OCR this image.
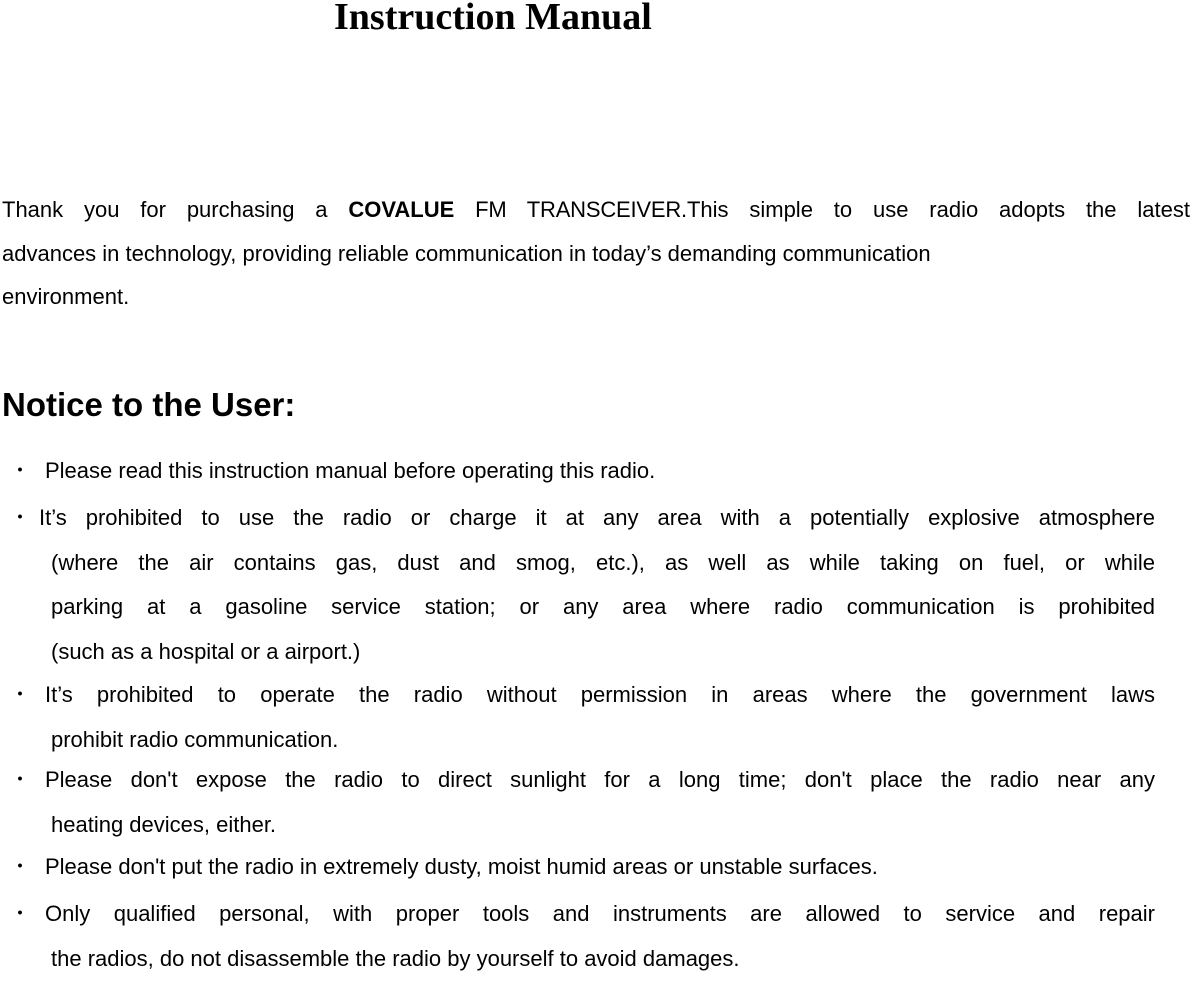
Instruction Manual
Thank you for purchasing a COVALUE FM TRANSCEIVER.This simple to use radio adopts the latest
advances in technology, providing reliable communication in today’s demanding communication
environment.
Notice to the User:
・ Please read this instruction manual before operating this radio.
・ It’s prohibited to use the radio or charge it at any area with a potentially explosive atmosphere
(where the air contains gas, dust and smog, etc.), as well as while taking on fuel, or while
parking at a gasoline service station; or any area where radio communication is prohibited
(such as a hospital or a airport.)
・ It’s prohibited to operate the radio without permission in areas where the government laws
prohibit radio communication.
・ Please don't expose the radio to direct sunlight for a long time; don't place the radio near any
heating devices, either.
・ Please don't put the radio in extremely dusty, moist humid areas or unstable surfaces.
・ Only qualified personal, with proper tools and instruments are allowed to service and repair
the radios, do not disassemble the radio by yourself to avoid damages.
